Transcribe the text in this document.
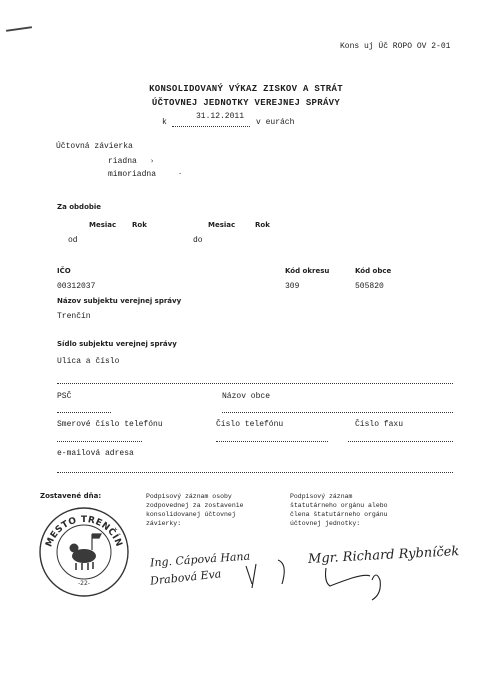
Kons uj Úč ROPO OV 2-01
KONSOLIDOVANÝ VÝKAZ ZISKOV A STRÁT
ÚČTOVNEJ JEDNOTKY VEREJNEJ SPRÁVY
k
31.12.2011
v eurách
Účtovná závierka
riadna
mimoriadna
›
·
Za obdobie
Mesiac Rok	Mesiac	Rok
od	do
IČO	Kód okresu	Kód obce
00312037	309	505820
Názov subjektu verejnej správy
Trenčín
Sídlo subjektu verejnej správy
Ulica a číslo
PSČ	Názov obce
Smerové číslo telefónu	Číslo telefónu	Číslo faxu
e-mailová adresa
Zostavené dňa:	Podpisový záznam osoby zodpovednej za zostavenie konsolidovanej účtovnej závierky:
Podpisový záznam štatutárneho orgánu alebo člena štatutárneho orgánu účtovnej jednotky:
Ing. Cápová Hana
Drabová Eva
Mgr. Richard Rybníček
MESTO TRENČÍN
-22-
